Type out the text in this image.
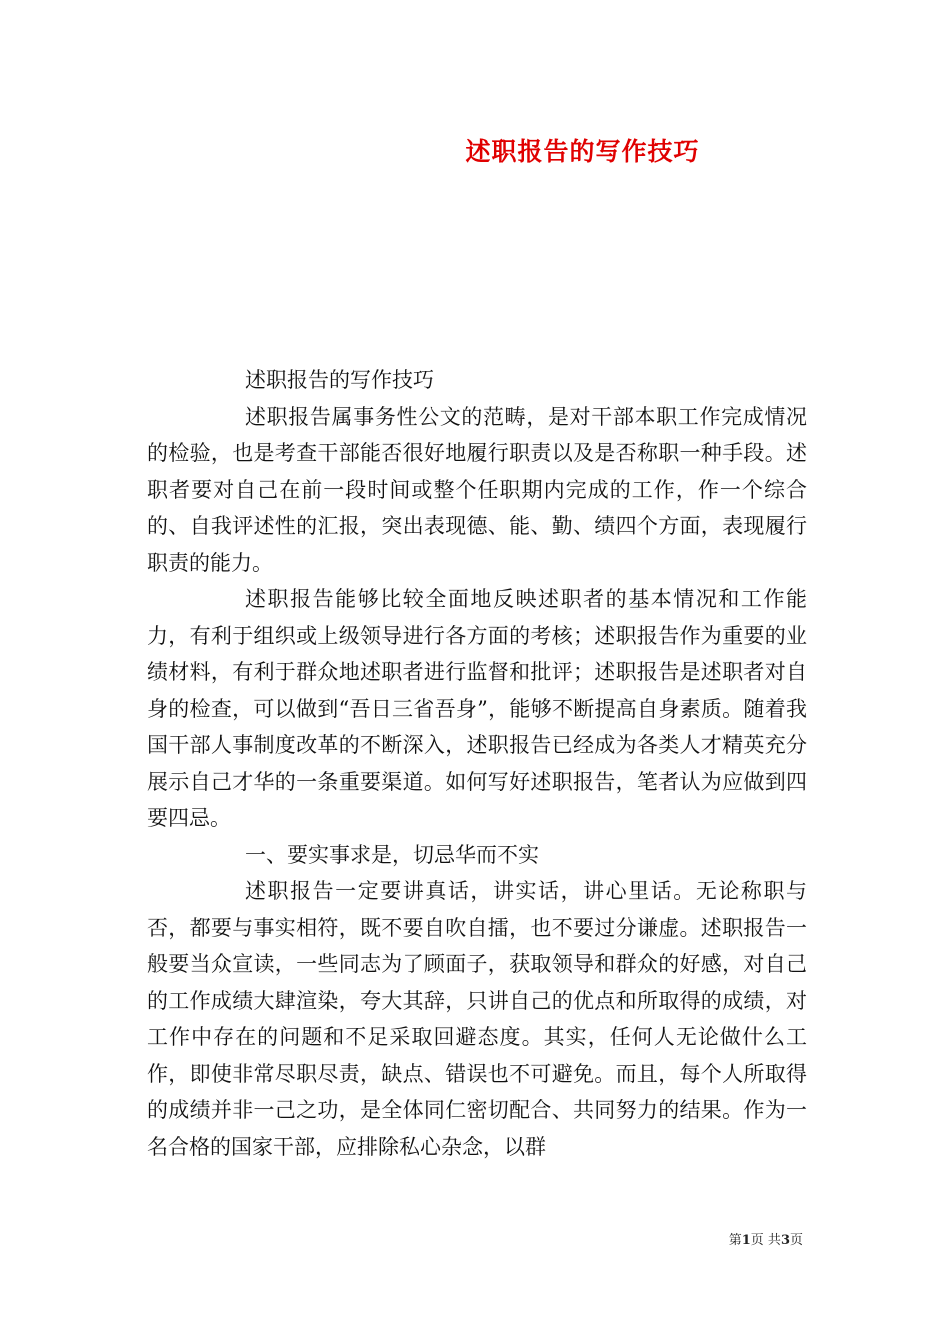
述职报告的写作技巧

述职报告的写作技巧

述职报告属事务性公文的范畴，是对干部本职工作完成情况的检验，也是考查干部能否很好地履行职责以及是否称职一种手段。述职者要对自己在前一段时间或整个任职期内完成的工作，作一个综合的、自我评述性的汇报，突出表现德、能、勤、绩四个方面，表现履行职责的能力。

述职报告能够比较全面地反映述职者的基本情况和工作能力，有利于组织或上级领导进行各方面的考核；述职报告作为重要的业绩材料，有利于群众地述职者进行监督和批评；述职报告是述职者对自身的检查，可以做到“吾日三省吾身”，能够不断提高自身素质。随着我国干部人事制度改革的不断深入，述职报告已经成为各类人才精英充分展示自己才华的一条重要渠道。如何写好述职报告，笔者认为应做到四要四忌。

一、要实事求是，切忌华而不实

述职报告一定要讲真话，讲实话，讲心里话。无论称职与否，都要与事实相符，既不要自吹自擂，也不要过分谦虚。述职报告一般要当众宣读，一些同志为了顾面子，获取领导和群众的好感，对自己的工作成绩大肆渲染，夸大其辞，只讲自己的优点和所取得的成绩，对工作中存在的问题和不足采取回避态度。其实，任何人无论做什么工作，即使非常尽职尽责，缺点、错误也不可避免。而且，每个人所取得的成绩并非一己之功，是全体同仁密切配合、共同努力的结果。作为一名合格的国家干部，应排除私心杂念，以群

第1页 共3页
